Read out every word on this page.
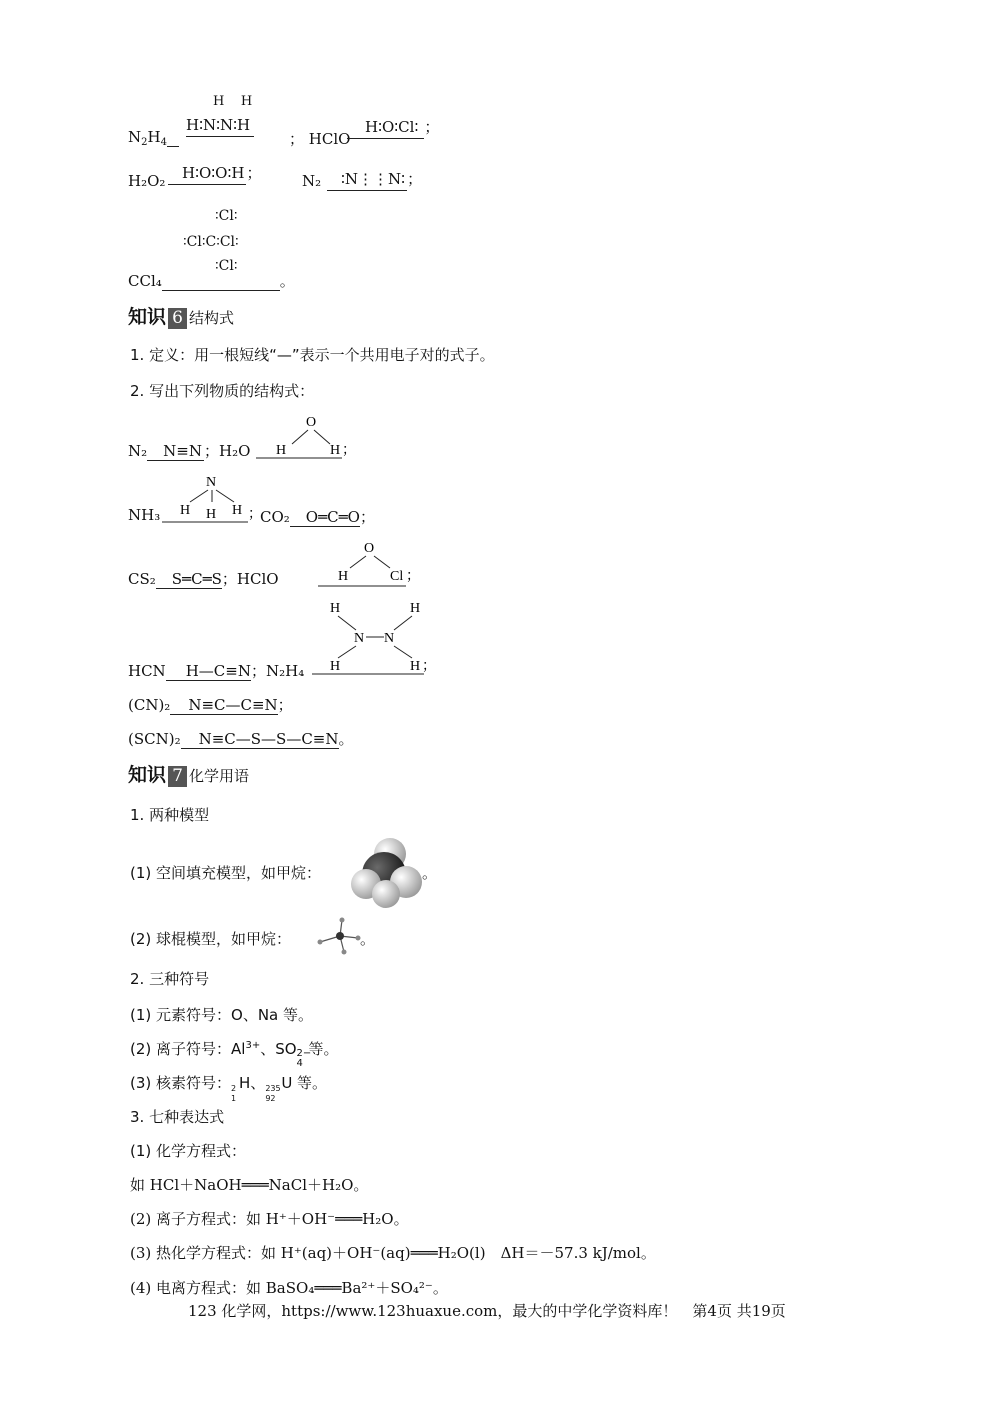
$N_2H_4$
H    H
H∶N∶N∶H
； HClO
H∶O∶Cl∶ ；
H₂O₂	H∶O∶O∶H ；	N₂	∶N⋮⋮N∶ ；
∶Cl∶
∶Cl∶C∶Cl∶
∶Cl∶
CCl₄	。
知识 6 结构式
1. 定义：用一根短线“—”表示一个共用电子对的式子。
2. 写出下列物质的结构式：
N₂ N≡N ；H₂O
O
H	H ；
NH₃
N
H H H ；
CO₂ O═C═O；
CS₂ S═C═S；HClO
O
H	Cl ；
HCN H—C≡N；N₂H₄
H	H
N N
H	H ；
(CN)₂ N≡C—C≡N；
(SCN)₂ N≡C—S—S—C≡N。
知识 7 化学用语
1. 两种模型
(1) 空间填充模型，如甲烷：	。
(2) 球棍模型，如甲烷：	。
2. 三种符号
(1) 元素符号：O、Na 等。
(2) 离子符号：$Al^{3+}$、SO 2−
4
等。
(3) 核素符号： 2
1
H、 235
92
U 等。
3. 七种表达式
(1) 化学方程式：
如 HCl＋NaOH═══NaCl＋H₂O。
(2) 离子方程式：如 H⁺＋OH⁻═══H₂O。
(3) 热化学方程式：如 H⁺(aq)＋OH⁻(aq)═══H₂O(l)　ΔH＝－57.3 kJ/mol。
(4) 电离方程式：如 BaSO₄═══Ba²⁺＋SO₄²⁻。
123 化学网，https://www.123huaxue.com，最大的中学化学资料库！　第4页 共19页
